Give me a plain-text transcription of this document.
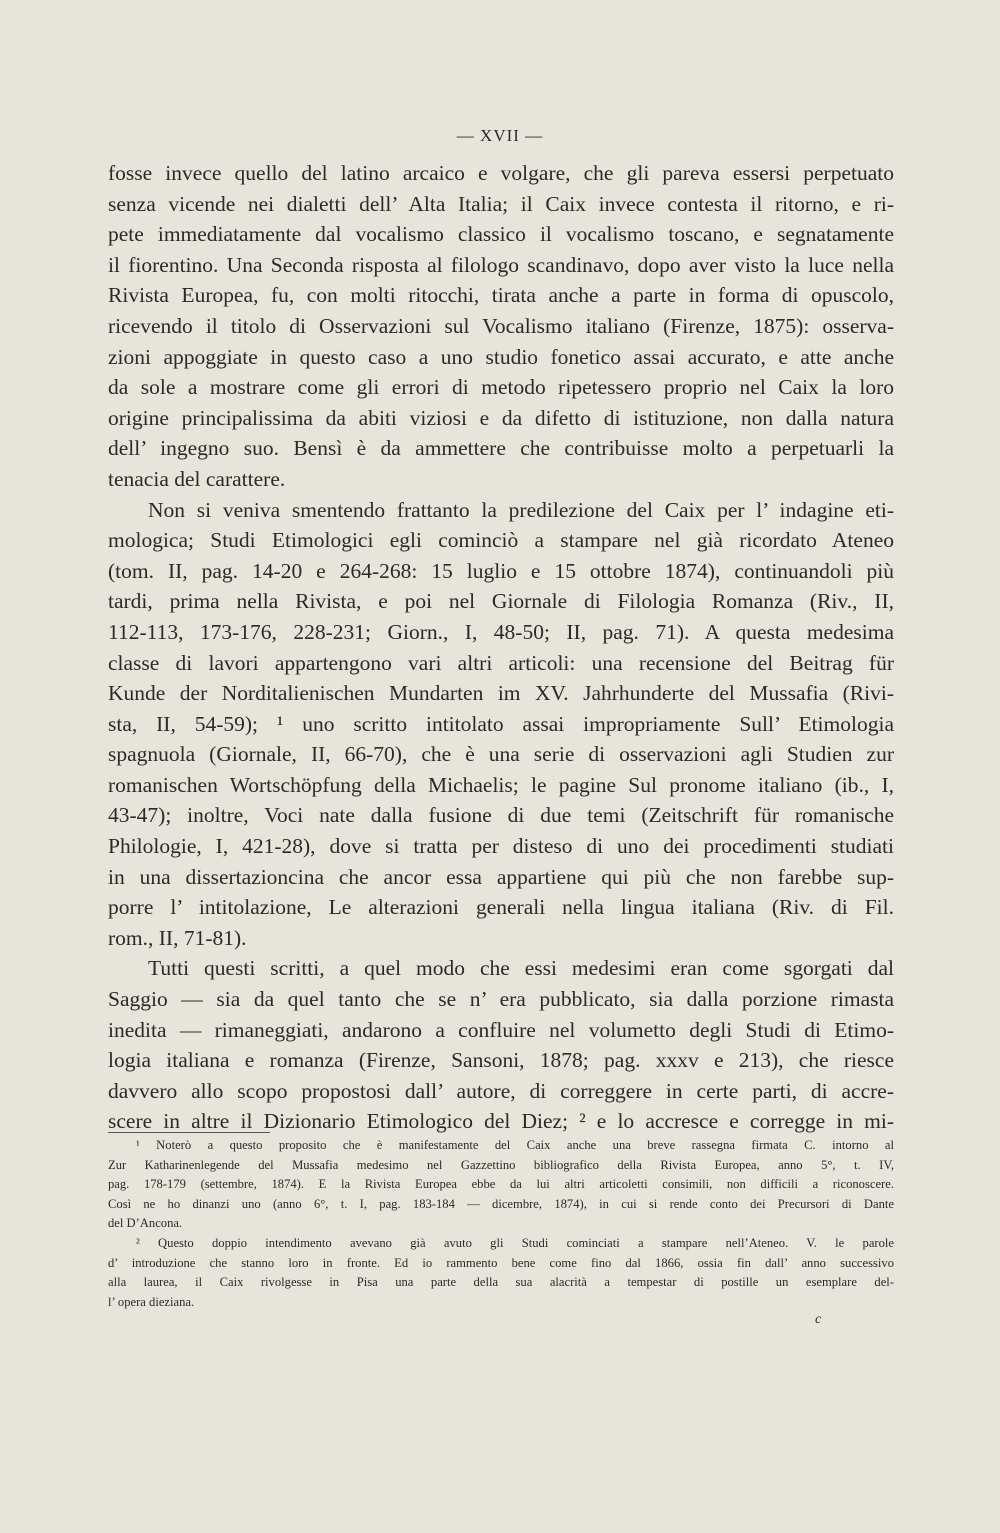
— XVII —
fosse invece quello del latino arcaico e volgare, che gli pareva essersi perpetuato
senza vicende nei dialetti dell’ Alta Italia; il Caix invece contesta il ritorno, e ri-
pete immediatamente dal vocalismo classico il vocalismo toscano, e segnatamente
il fiorentino. Una Seconda risposta al filologo scandinavo, dopo aver visto la luce nella
Rivista Europea, fu, con molti ritocchi, tirata anche a parte in forma di opuscolo,
ricevendo il titolo di Osservazioni sul Vocalismo italiano (Firenze, 1875): osserva-
zioni appoggiate in questo caso a uno studio fonetico assai accurato, e atte anche
da sole a mostrare come gli errori di metodo ripetessero proprio nel Caix la loro
origine principalissima da abiti viziosi e da difetto di istituzione, non dalla natura
dell’ ingegno suo. Bensì è da ammettere che contribuisse molto a perpetuarli la
tenacia del carattere.
Non si veniva smentendo frattanto la predilezione del Caix per l’ indagine eti-
mologica; Studi Etimologici egli cominciò a stampare nel già ricordato Ateneo
(tom. II, pag. 14-20 e 264-268: 15 luglio e 15 ottobre 1874), continuandoli più
tardi, prima nella Rivista, e poi nel Giornale di Filologia Romanza (Riv., II,
112-113, 173-176, 228-231; Giorn., I, 48-50; II, pag. 71). A questa medesima
classe di lavori appartengono vari altri articoli: una recensione del Beitrag für
Kunde der Norditalienischen Mundarten im XV. Jahrhunderte del Mussafia (Rivi-
sta, II, 54-59); ¹ uno scritto intitolato assai impropriamente Sull’ Etimologia
spagnuola (Giornale, II, 66-70), che è una serie di osservazioni agli Studien zur
romanischen Wortschöpfung della Michaelis; le pagine Sul pronome italiano (ib., I,
43-47); inoltre, Voci nate dalla fusione di due temi (Zeitschrift für romanische
Philologie, I, 421-28), dove si tratta per disteso di uno dei procedimenti studiati
in una dissertazioncina che ancor essa appartiene qui più che non farebbe sup-
porre l’ intitolazione, Le alterazioni generali nella lingua italiana (Riv. di Fil.
rom., II, 71-81).
Tutti questi scritti, a quel modo che essi medesimi eran come sgorgati dal
Saggio — sia da quel tanto che se n’ era pubblicato, sia dalla porzione rimasta
inedita — rimaneggiati, andarono a confluire nel volumetto degli Studi di Etimo-
logia italiana e romanza (Firenze, Sansoni, 1878; pag. xxxv e 213), che riesce
davvero allo scopo propostosi dall’ autore, di correggere in certe parti, di accre-
scere in altre il Dizionario Etimologico del Diez; ² e lo accresce e corregge in mi-
¹ Noterò a questo proposito che è manifestamente del Caix anche una breve rassegna firmata C. intorno al
Zur Katharinenlegende del Mussafia medesimo nel Gazzettino bibliografico della Rivista Europea, anno 5°, t. IV,
pag. 178-179 (settembre, 1874). E la Rivista Europea ebbe da lui altri articoletti consimili, non difficili a riconoscere.
Così ne ho dinanzi uno (anno 6°, t. I, pag. 183-184 — dicembre, 1874), in cui si rende conto dei Precursori di Dante
del D’Ancona.
² Questo doppio intendimento avevano già avuto gli Studi cominciati a stampare nell’Ateneo. V. le parole
d’ introduzione che stanno loro in fronte. Ed io rammento bene come fino dal 1866, ossia fin dall’ anno successivo
alla laurea, il Caix rivolgesse in Pisa una parte della sua alacrità a tempestar di postille un esemplare del-
l’ opera dieziana.
c
